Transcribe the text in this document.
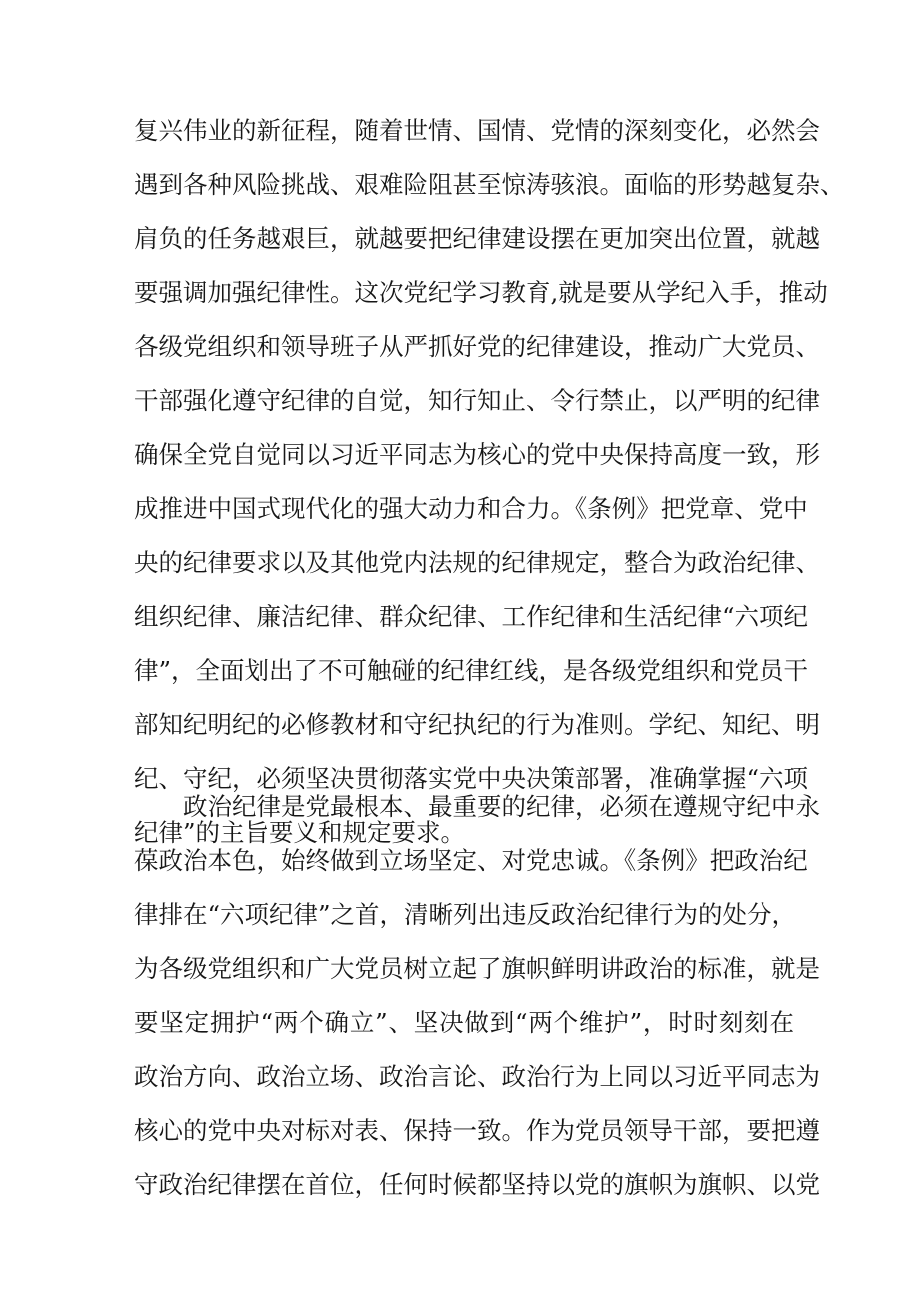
复兴伟业的新征程，随着世情、国情、党情的深刻变化，必然会
遇到各种风险挑战、艰难险阻甚至惊涛骇浪。面临的形势越复杂、
肩负的任务越艰巨，就越要把纪律建设摆在更加突出位置，就越
要强调加强纪律性。这次党纪学习教育,就是要从学纪入手，推动
各级党组织和领导班子从严抓好党的纪律建设，推动广大党员、
干部强化遵守纪律的自觉，知行知止、令行禁止，以严明的纪律
确保全党自觉同以习近平同志为核心的党中央保持高度一致，形
成推进中国式现代化的强大动力和合力。《条例》把党章、党中
央的纪律要求以及其他党内法规的纪律规定，整合为政治纪律、
组织纪律、廉洁纪律、群众纪律、工作纪律和生活纪律“六项纪
律”，全面划出了不可触碰的纪律红线，是各级党组织和党员干
部知纪明纪的必修教材和守纪执纪的行为准则。学纪、知纪、明
纪、守纪，必须坚决贯彻落实党中央决策部署，准确掌握“六项
纪律”的主旨要义和规定要求。
　　政治纪律是党最根本、最重要的纪律，必须在遵规守纪中永
葆政治本色，始终做到立场坚定、对党忠诚。《条例》把政治纪
律排在“六项纪律”之首，清晰列出违反政治纪律行为的处分，
为各级党组织和广大党员树立起了旗帜鲜明讲政治的标准，就是
要坚定拥护“两个确立”、坚决做到“两个维护”，时时刻刻在
政治方向、政治立场、政治言论、政治行为上同以习近平同志为
核心的党中央对标对表、保持一致。作为党员领导干部，要把遵
守政治纪律摆在首位，任何时候都坚持以党的旗帜为旗帜、以党
